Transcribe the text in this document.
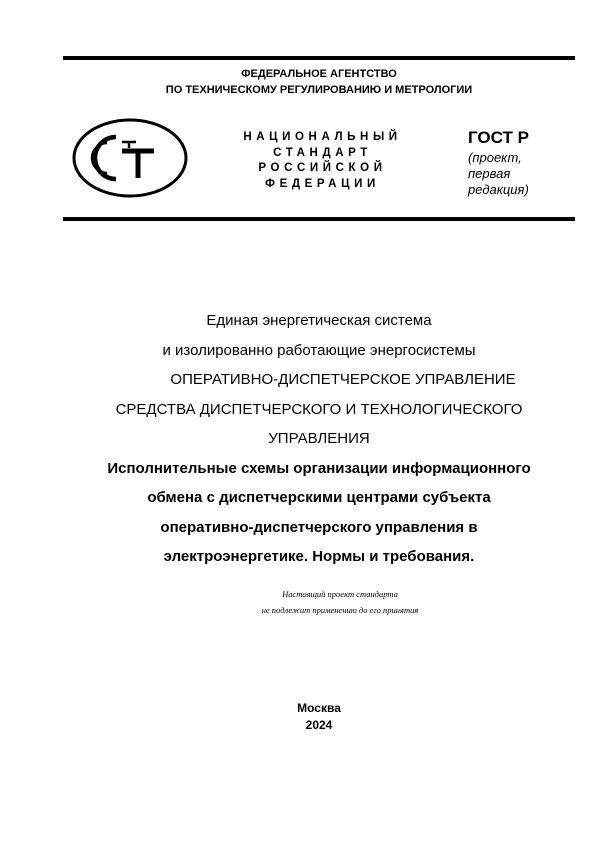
ФЕДЕРАЛЬНОЕ АГЕНТСТВО
ПО ТЕХНИЧЕСКОМУ РЕГУЛИРОВАНИЮ И МЕТРОЛОГИИ
НАЦИОНАЛЬНЫЙ
СТАНДАРТ
РОССИЙСКОЙ
ФЕДЕРАЦИИ
ГОСТ Р
(проект,
первая
редакция)
Единая энергетическая система
и изолированно работающие энергосистемы
ОПЕРАТИВНО-ДИСПЕТЧЕРСКОЕ УПРАВЛЕНИЕ
СРЕДСТВА ДИСПЕТЧЕРСКОГО И ТЕХНОЛОГИЧЕСКОГО
УПРАВЛЕНИЯ
Исполнительные схемы организации информационного
обмена с диспетчерскими центрами субъекта
оперативно-диспетчерского управления в
электроэнергетике. Нормы и требования.
Настоящий проект стандарта
не подлежит применению до его принятия
Москва
2024
